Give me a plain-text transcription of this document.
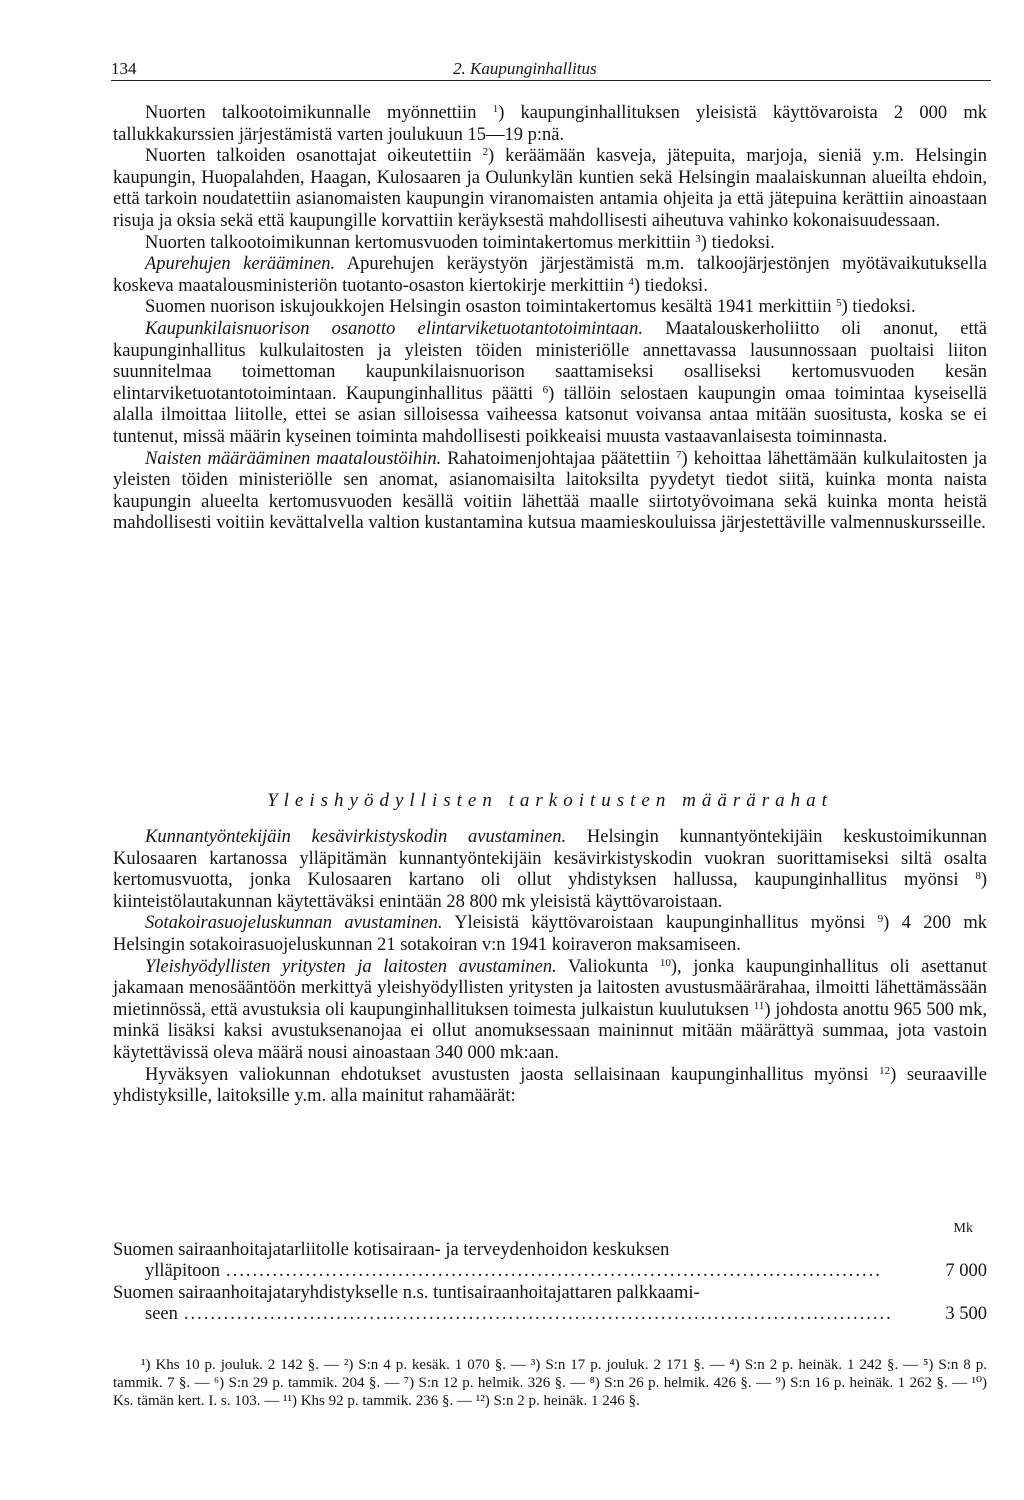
134	2. Kaupunginhallitus

Nuorten talkootoimikunnalle myönnettiin $^1$) kaupunginhallituksen yleisistä käyttövaroista 2 000 mk tallukkakurssien järjestämistä varten joulukuun 15—19 p:nä.

Nuorten talkoiden osanottajat oikeutettiin $^2$) keräämään kasveja, jätepuita, marjoja, sieniä y.m. Helsingin kaupungin, Huopalahden, Haagan, Kulosaaren ja Oulunkylän kuntien sekä Helsingin maalaiskunnan alueilta ehdoin, että tarkoin noudatettiin asianomaisten kaupungin viranomaisten antamia ohjeita ja että jätepuina kerättiin ainoastaan risuja ja oksia sekä että kaupungille korvattiin keräyksestä mahdollisesti aiheutuva vahinko kokonaisuudessaan.

Nuorten talkootoimikunnan kertomusvuoden toimintakertomus merkittiin $^3$) tiedoksi.

Apurehujen kerääminen. Apurehujen keräystyön järjestämistä m.m. talkoojärjestönjen myötävaikutuksella koskeva maatalousministeriön tuotanto-osaston kiertokirje merkittiin $^4$) tiedoksi.

Suomen nuorison iskujoukkojen Helsingin osaston toimintakertomus kesältä 1941 merkittiin $^5$) tiedoksi.

Kaupunkilaisnuorison osanotto elintarviketuotantotoimintaan. Maatalouskerholiitto oli anonut, että kaupunginhallitus kulkulaitosten ja yleisten töiden ministeriölle annettavassa lausunnossaan puoltaisi liiton suunnitelmaa toimettoman kaupunkilaisnuorison saattamiseksi osalliseksi kertomusvuoden kesän elintarviketuotantotoimintaan. Kaupunginhallitus päätti $^6$) tällöin selostaen kaupungin omaa toimintaa kyseisellä alalla ilmoittaa liitolle, ettei se asian silloisessa vaiheessa katsonut voivansa antaa mitään suositusta, koska se ei tuntenut, missä määrin kyseinen toiminta mahdollisesti poikkeaisi muusta vastaavanlaisesta toiminnasta.

Naisten määrääminen maataloustöihin. Rahatoimenjohtajaa päätettiin $^7$) kehoittaa lähettämään kulkulaitosten ja yleisten töiden ministeriölle sen anomat, asianomaisilta laitoksilta pyydetyt tiedot siitä, kuinka monta naista kaupungin alueelta kertomusvuoden kesällä voitiin lähettää maalle siirtotyövoimana sekä kuinka monta heistä mahdollisesti voitiin kevättalvella valtion kustantamina kutsua maamieskouluissa järjestettäville valmennuskursseille.

Yleishyödyllisten tarkoitusten määrärahat

Kunnantyöntekijäin kesävirkistyskodin avustaminen. Helsingin kunnantyöntekijäin keskustoimikunnan Kulosaaren kartanossa ylläpitämän kunnantyöntekijäin kesävirkistyskodin vuokran suorittamiseksi siltä osalta kertomusvuotta, jonka Kulosaaren kartano oli ollut yhdistyksen hallussa, kaupunginhallitus myönsi $^8$) kiinteistölautakunnan käytettäväksi enintään 28 800 mk yleisistä käyttövaroistaan.

Sotakoirasuojeluskunnan avustaminen. Yleisistä käyttövaroistaan kaupunginhallitus myönsi $^9$) 4 200 mk Helsingin sotakoirasuojeluskunnan 21 sotakoiran v:n 1941 koiraveron maksamiseen.

Yleishyödyllisten yritysten ja laitosten avustaminen. Valiokunta $^{10}$), jonka kaupunginhallitus oli asettanut jakamaan menosääntöön merkittyä yleishyödyllisten yritysten ja laitosten avustusmäärärahaa, ilmoitti lähettämässään mietinnössä, että avustuksia oli kaupunginhallituksen toimesta julkaistun kuulutuksen $^{11}$) johdosta anottu 965 500 mk, minkä lisäksi kaksi avustuksenanojaa ei ollut anomuksessaan maininnut mitään määrättyä summaa, jota vastoin käytettävissä oleva määrä nousi ainoastaan 340 000 mk:aan.

Hyväksyen valiokunnan ehdotukset avustusten jaosta sellaisinaan kaupunginhallitus myönsi $^{12}$) seuraaville yhdistyksille, laitoksille y.m. alla mainitut rahamäärät:

Mk
Suomen sairaanhoitajatarliitolle kotisairaan- ja terveydenhoidon keskuksen
ylläpitoon ...................................................................................................	7 000
Suomen sairaanhoitajataryhdistykselle n.s. tuntisairaanhoitajattaren palkkaami-
seen ...........................................................................................................	3 500
¹) Khs 10 p. jouluk. 2 142 §. — ²) S:n 4 p. kesäk. 1 070 §. — ³) S:n 17 p. jouluk. 2 171 §. — ⁴) S:n 2 p. heinäk. 1 242 §. — ⁵) S:n 8 p. tammik. 7 §. — ⁶) S:n 29 p. tammik. 204 §. — ⁷) S:n 12 p. helmik. 326 §. — ⁸) S:n 26 p. helmik. 426 §. — ⁹) S:n 16 p. heinäk. 1 262 §. — ¹⁰) Ks. tämän kert. I. s. 103. — ¹¹) Khs 92 p. tammik. 236 §. — ¹²) S:n 2 p. heinäk. 1 246 §.
